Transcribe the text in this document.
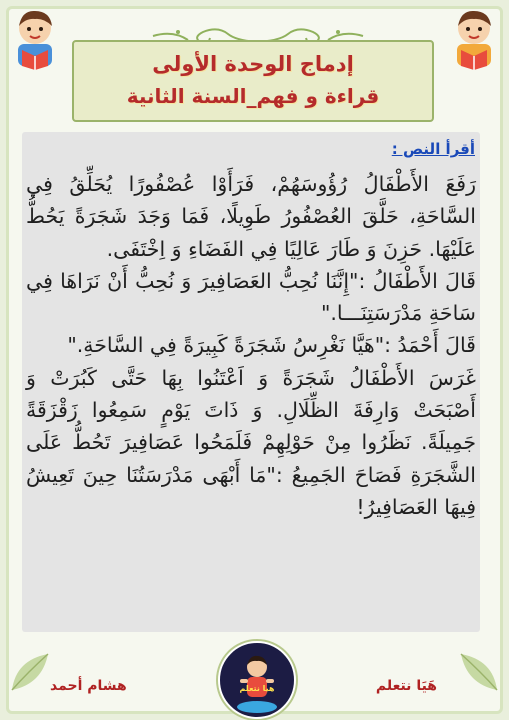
إدماج الوحدة الأولى
قراءة و فهم_السنة الثانية
أقرأ النص :

رَفَعَ الأَطْفَالُ رُؤُوسَهُمْ، فَرَأَوْا عُصْفُورًا يُحَلِّقُ فِي السَّاحَةِ، حَلَّقَ العُصْفُورُ طَوِيلًا، فَمَا وَجَدَ شَجَرَةً يَحُطُّ عَلَيْهَا. حَزِنَ وَ طَارَ عَالِيًا فِي الفَضَاءِ وَ اِخْتَفَى.

قَالَ الأَطْفَالُ :"إِنَّنَا نُحِبُّ العَصَافِيرَ وَ نُحِبُّ أَنْ نَرَاهَا فِي سَاحَةِ مَدْرَسَتِنَـــا."

قَالَ أَحْمَدُ :"هَيَّا نَغْرِسُ شَجَرَةً كَبِيرَةً فِي السَّاحَةِ."

غَرَسَ الأَطْفَالُ شَجَرَةً وَ اَعْتَنُوا بِهَا حَتَّى كَبُرَتْ وَ أَصْبَحَتْ وَارِفَةَ الظِّلَالِ. وَ ذَاتَ يَوْمٍ سَمِعُوا زَقْزَقَةً جَمِيلَةً. نَظَرُوا مِنْ حَوْلِهِمْ فَلَمَحُوا عَصَافِيرَ تَحُطُّ عَلَى الشَّجَرَةِ فَصَاحَ الجَمِيعُ :"مَا أَبْهَى مَدْرَسَتُنَا حِينَ تَعِيشُ فِيهَا العَصَافِيرُ!

هشام أحمد	هَيَا نتعلم
هيا نتعلم
